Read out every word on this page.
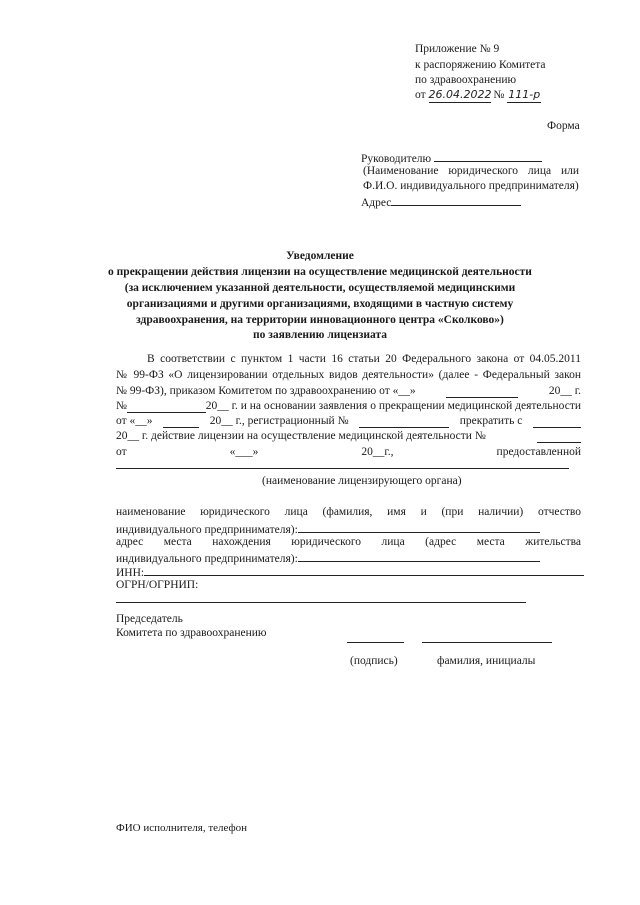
Приложение № 9
к распоряжению Комитета
по здравоохранению
от 26.04.2022 № 111-р
Форма
Руководителю
(Наименование юридического лица или
Ф.И.О. индивидуального предпринимателя)
Адрес
Уведомление
о прекращении действия лицензии на осуществление медицинской деятельности
(за исключением указанной деятельности, осуществляемой медицинскими
организациями и другими организациями, входящими в частную систему
здравоохранения, на территории инновационного центра «Сколково»)
по заявлению лицензиата
В соответствии с пунктом 1 части 16 статьи 20 Федерального закона от 04.05.2011
№ 99-ФЗ «О лицензировании отдельных видов деятельности» (далее - Федеральный закон
№ 99-ФЗ), приказом Комитетом по здравоохранению от «__»	20__ г.
№	20__ г. и на основании заявления о прекращении медицинской деятельности
от «__»	20__ г., регистрационный №	прекратить с
20__ г. действие лицензии на осуществление медицинской деятельности №
от	«___»	20__г.,	предоставленной
(наименование лицензирующего органа)
наименование юридического лица (фамилия, имя и (при наличии) отчество
индивидуального предпринимателя):
адрес места нахождения юридического лица (адрес места жительства
индивидуального предпринимателя):
ИНН:
ОГРН/ОГРНИП:
Председатель
Комитета по здравоохранению
(подпись)	фамилия, инициалы
ФИО исполнителя, телефон
